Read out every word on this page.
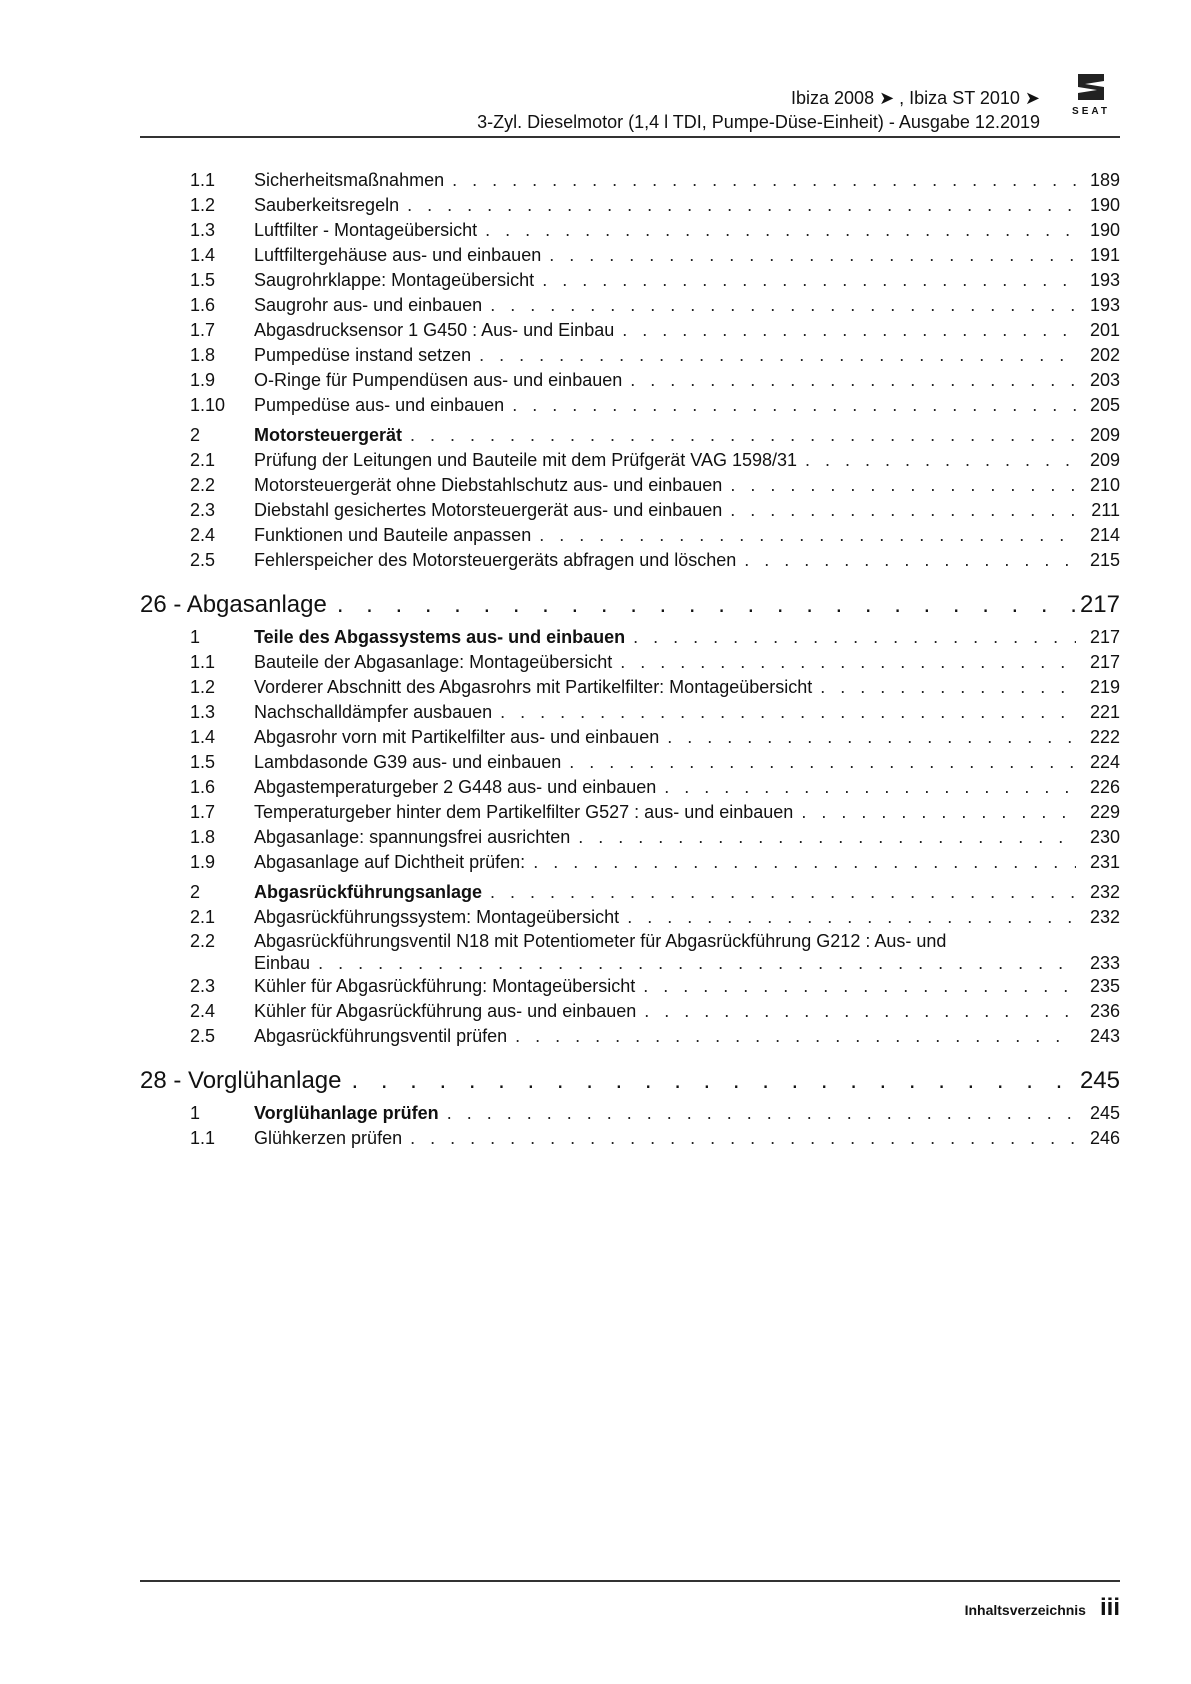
Ibiza 2008 ➤ , Ibiza ST 2010 ➤
3-Zyl. Dieselmotor (1,4 l TDI, Pumpe-Düse-Einheit) - Ausgabe 12.2019
SEAT
1.1	Sicherheitsmaßnahmen . . .	189
1.2	Sauberkeitsregeln . . .	190
1.3	Luftfilter - Montageübersicht . . .	190
1.4	Luftfiltergehäuse aus- und einbauen . . .	191
1.5	Saugrohrklappe: Montageübersicht . . .	193
1.6	Saugrohr aus- und einbauen . . .	193
1.7	Abgasdrucksensor 1 G450 : Aus- und Einbau . . .	201
1.8	Pumpedüse instand setzen . . .	202
1.9	O-Ringe für Pumpendüsen aus- und einbauen . . .	203
1.10	Pumpedüse aus- und einbauen . . .	205
2	Motorsteuergerät . . .	209
2.1	Prüfung der Leitungen und Bauteile mit dem Prüfgerät VAG 1598/31 . . .	209
2.2	Motorsteuergerät ohne Diebstahlschutz aus- und einbauen . . .	210
2.3	Diebstahl gesichertes Motorsteuergerät aus- und einbauen . . .	211
2.4	Funktionen und Bauteile anpassen . . .	214
2.5	Fehlerspeicher des Motorsteuergeräts abfragen und löschen . . .	215
26 - Abgasanlage . . .	217
1	Teile des Abgassystems aus- und einbauen . . .	217
1.1	Bauteile der Abgasanlage: Montageübersicht . . .	217
1.2	Vorderer Abschnitt des Abgasrohrs mit Partikelfilter: Montageübersicht . . .	219
1.3	Nachschalldämpfer ausbauen . . .	221
1.4	Abgasrohr vorn mit Partikelfilter aus- und einbauen . . .	222
1.5	Lambdasonde G39 aus- und einbauen . . .	224
1.6	Abgastemperaturgeber 2 G448 aus- und einbauen . . .	226
1.7	Temperaturgeber hinter dem Partikelfilter G527 : aus- und einbauen . . .	229
1.8	Abgasanlage: spannungsfrei ausrichten . . .	230
1.9	Abgasanlage auf Dichtheit prüfen: . . .	231
2	Abgasrückführungsanlage . . .	232
2.1	Abgasrückführungssystem: Montageübersicht . . .	232
2.2	Abgasrückführungsventil N18 mit Potentiometer für Abgasrückführung G212 : Aus- und
Einbau . . .	233
2.3	Kühler für Abgasrückführung: Montageübersicht . . .	235
2.4	Kühler für Abgasrückführung aus- und einbauen . . .	236
2.5	Abgasrückführungsventil prüfen . . .	243
28 - Vorglühanlage . . .	245
1	Vorglühanlage prüfen . . .	245
1.1	Glühkerzen prüfen . . .	246
Inhaltsverzeichnis iii
